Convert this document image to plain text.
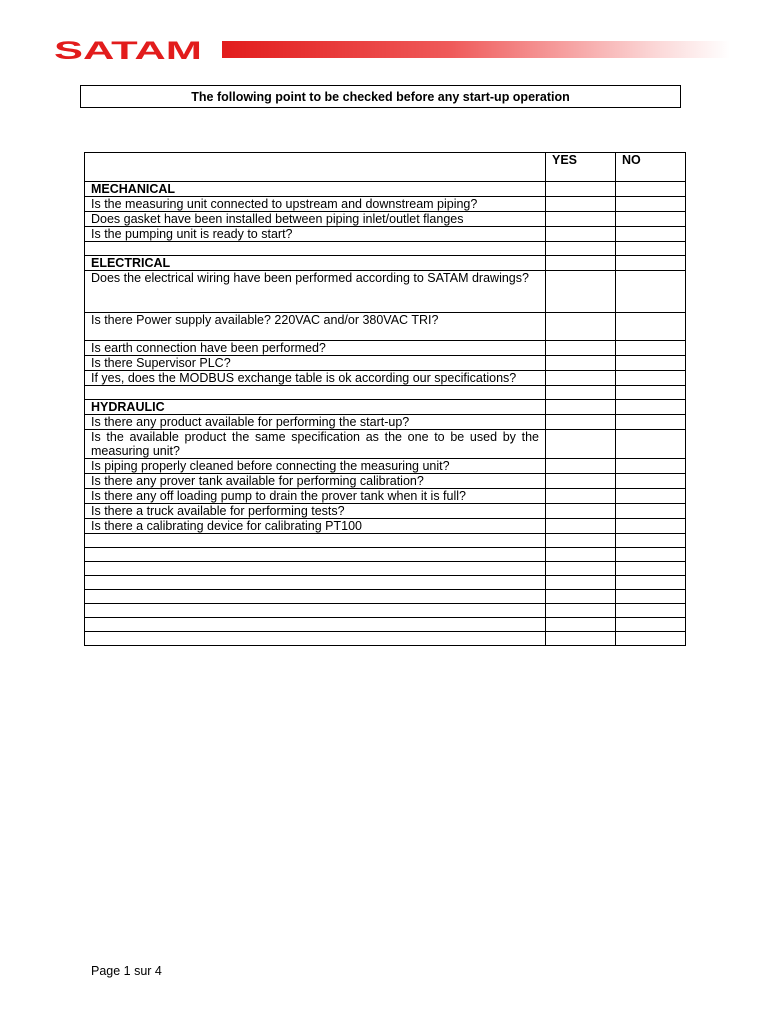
SATAM
The following point to be checked before any start-up operation
	YES	NO
MECHANICAL		
Is the measuring unit connected to upstream and downstream piping?		
Does gasket have been installed between piping inlet/outlet flanges		
Is the pumping unit is ready to start?		

ELECTRICAL		
Does the electrical wiring have been performed according to SATAM drawings?		
Is there Power supply available? 220VAC and/or 380VAC TRI?		
Is earth connection have been performed?		
Is there Supervisor PLC?		
If yes, does the MODBUS exchange table is ok according our specifications?		

HYDRAULIC		
Is there any product available for performing the start-up?		
Is the available product the same specification as the one to be used by the measuring unit?		
Is piping properly cleaned before connecting the measuring unit?		
Is there any prover tank available for performing calibration?		
Is there any off loading pump to drain the prover tank when it is full?		
Is there a truck available for performing tests?		
Is there a calibrating device for calibrating PT100		

Page 1 sur 4
